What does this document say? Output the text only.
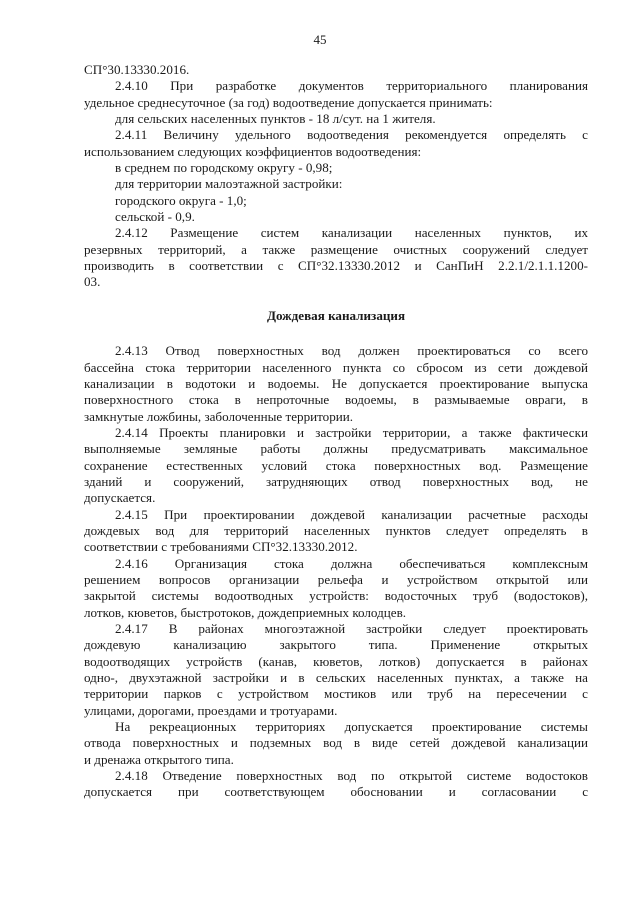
45
СП°30.13330.2016.
2.4.10 При разработке документов территориального планирования
удельное среднесуточное (за год) водоотведение допускается принимать:
для сельских населенных пунктов - 18 л/сут. на 1 жителя.
2.4.11 Величину удельного водоотведения рекомендуется определять с
использованием следующих коэффициентов водоотведения:
в среднем по городскому округу - 0,98;
для территории малоэтажной застройки:
городского округа - 1,0;
сельской - 0,9.
2.4.12 Размещение систем канализации населенных пунктов, их
резервных территорий, а также размещение очистных сооружений следует
производить в соответствии с СП°32.13330.2012 и СанПиН 2.2.1/2.1.1.1200-
03.
Дождевая канализация
2.4.13 Отвод поверхностных вод должен проектироваться со всего
бассейна стока территории населенного пункта со сбросом из сети дождевой
канализации в водотоки и водоемы. Не допускается проектирование выпуска
поверхностного стока в непроточные водоемы, в размываемые овраги, в
замкнутые ложбины, заболоченные территории.
2.4.14 Проекты планировки и застройки территории, а также фактически
выполняемые земляные работы должны предусматривать максимальное
сохранение естественных условий стока поверхностных вод. Размещение
зданий и сооружений, затрудняющих отвод поверхностных вод, не
допускается.
2.4.15 При проектировании дождевой канализации расчетные расходы
дождевых вод для территорий населенных пунктов следует определять в
соответствии с требованиями СП°32.13330.2012.
2.4.16 Организация стока должна обеспечиваться комплексным
решением вопросов организации рельефа и устройством открытой или
закрытой системы водоотводных устройств: водосточных труб (водостоков),
лотков, кюветов, быстротоков, дождеприемных колодцев.
2.4.17 В районах многоэтажной застройки следует проектировать
дождевую канализацию закрытого типа. Применение открытых
водоотводящих устройств (канав, кюветов, лотков) допускается в районах
одно-, двухэтажной застройки и в сельских населенных пунктах, а также на
территории парков с устройством мостиков или труб на пересечении с
улицами, дорогами, проездами и тротуарами.
На рекреационных территориях допускается проектирование системы
отвода поверхностных и подземных вод в виде сетей дождевой канализации
и дренажа открытого типа.
2.4.18 Отведение поверхностных вод по открытой системе водостоков
допускается при соответствующем обосновании и согласовании с
